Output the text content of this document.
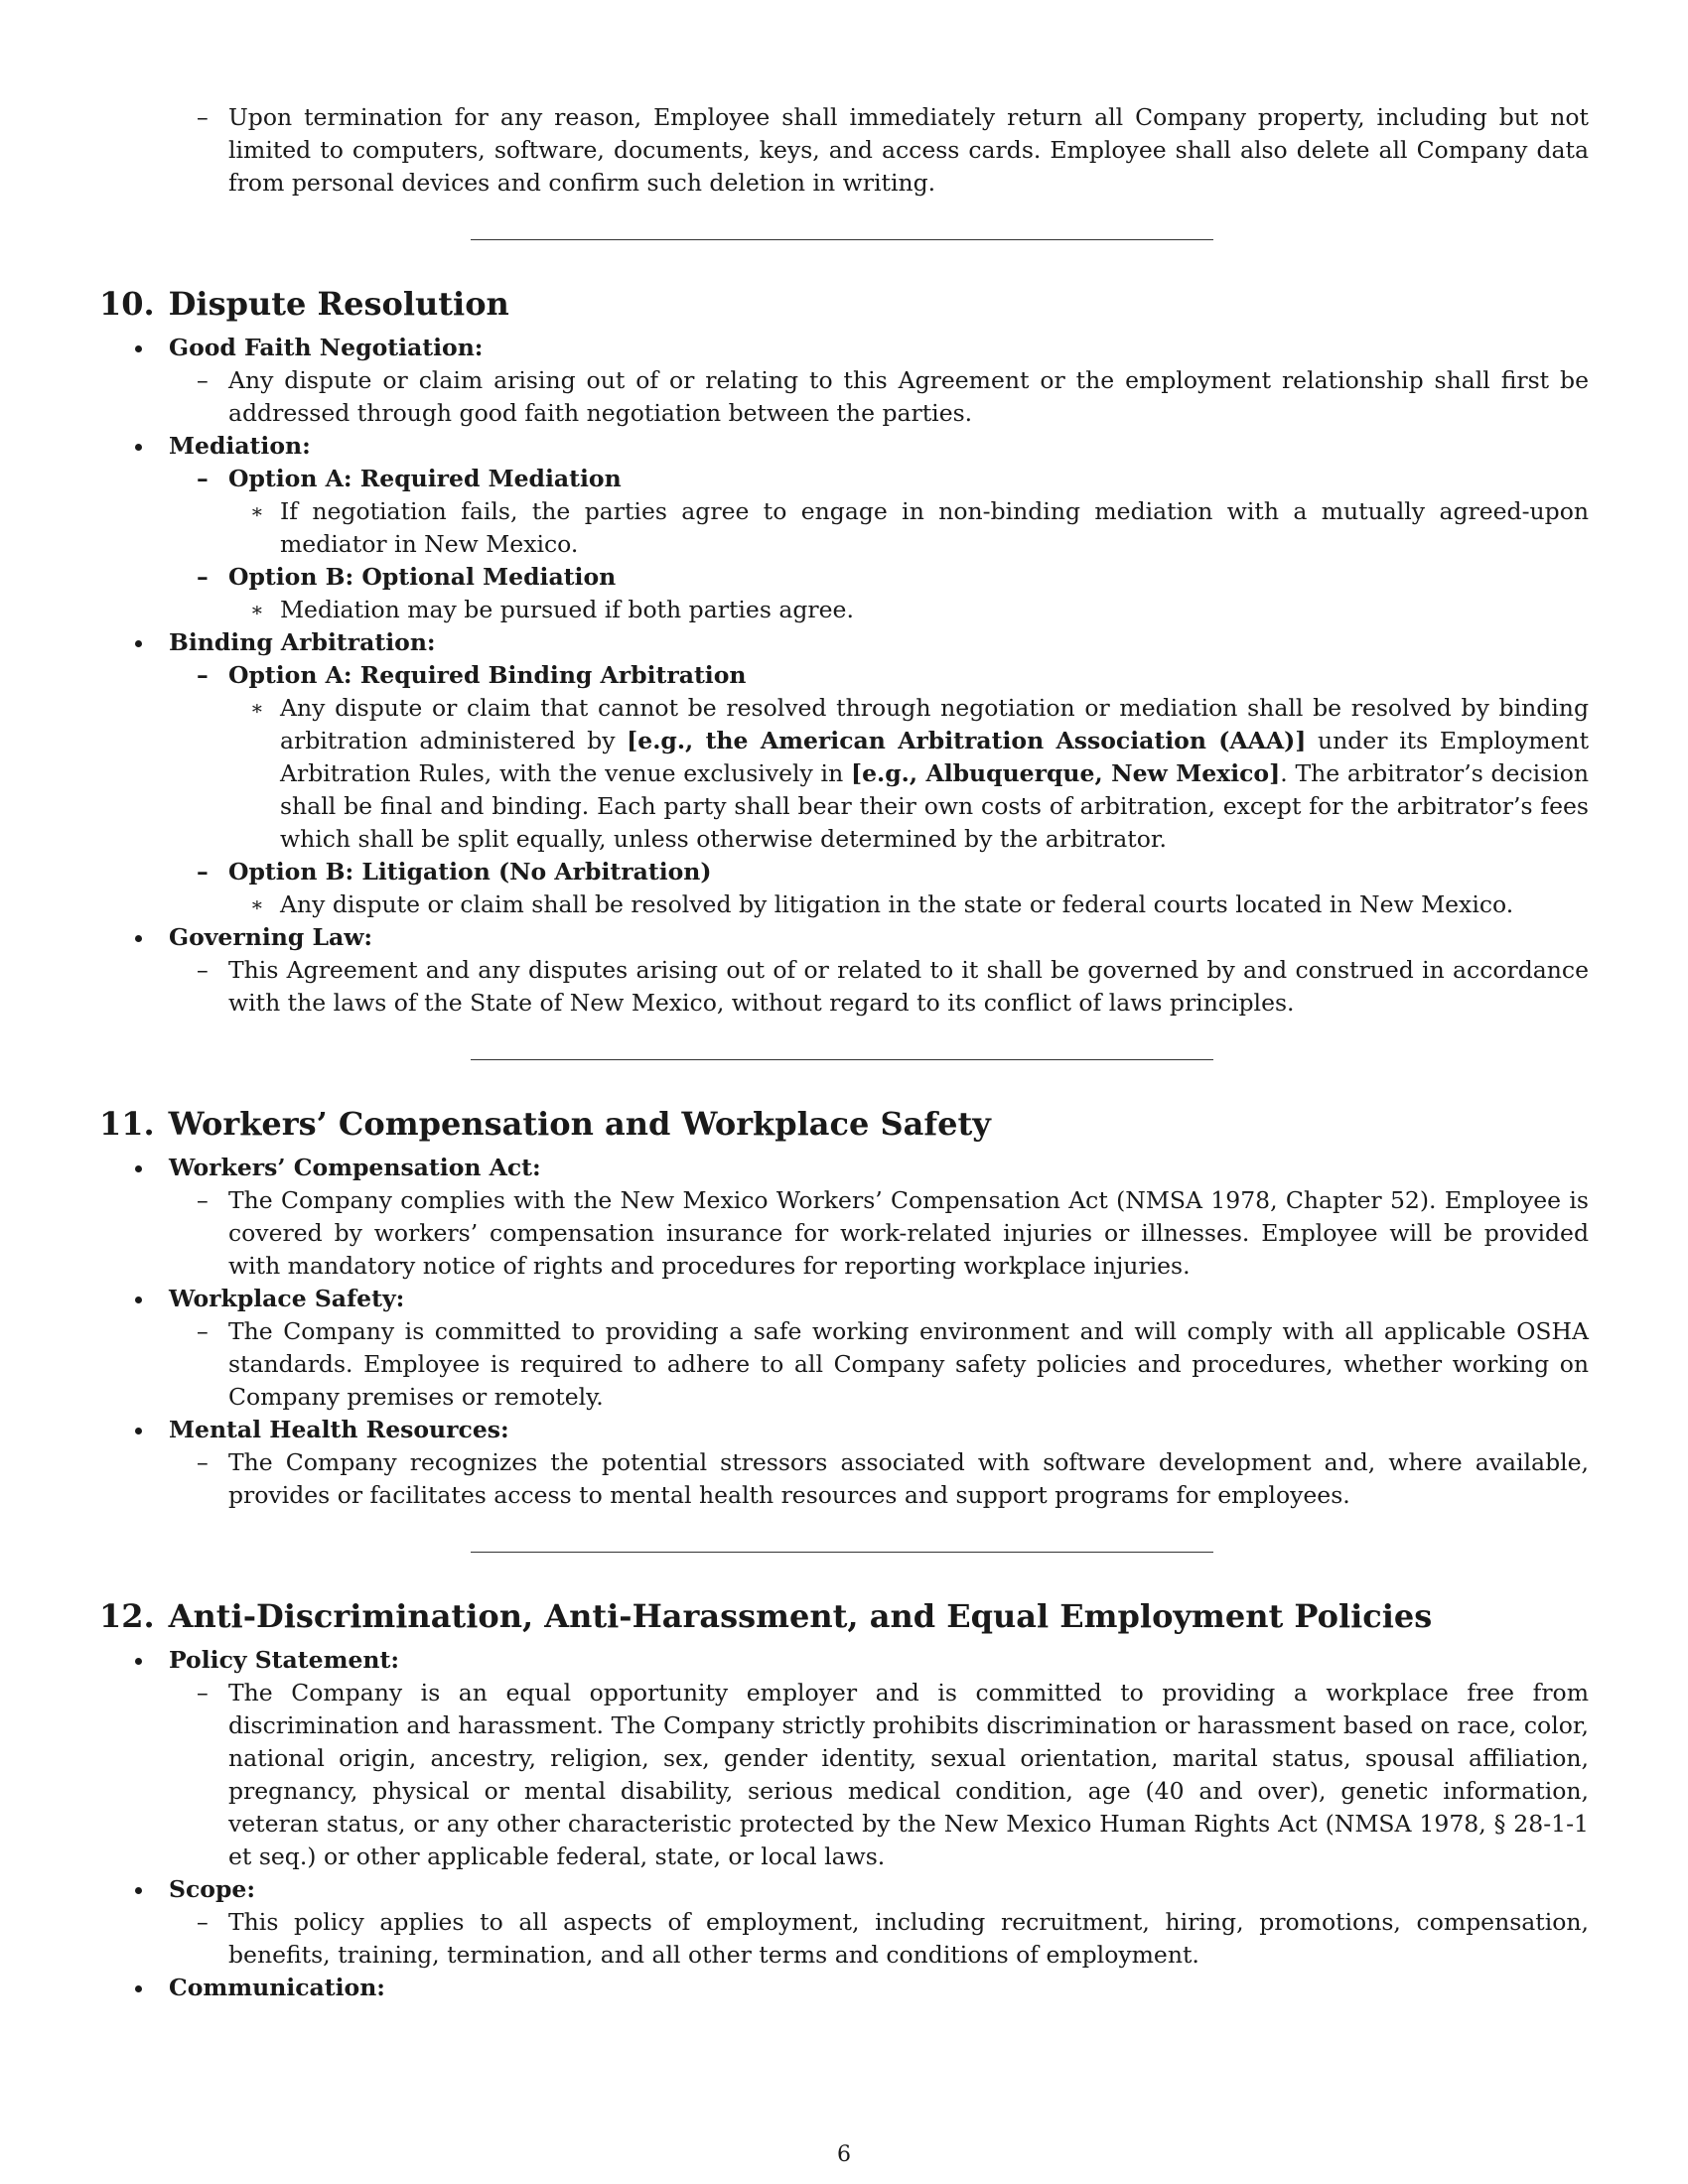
– Upon termination for any reason, Employee shall immediately return all Company property, including but not limited to computers, software, documents, keys, and access cards. Employee shall also delete all Company data from personal devices and confirm such deletion in writing.
10. Dispute Resolution
Good Faith Negotiation:
– Any dispute or claim arising out of or relating to this Agreement or the employment relationship shall first be addressed through good faith negotiation between the parties.
Mediation:
– Option A: Required Mediation
∗ If negotiation fails, the parties agree to engage in non-binding mediation with a mutually agreed-upon mediator in New Mexico.
– Option B: Optional Mediation
∗ Mediation may be pursued if both parties agree.
Binding Arbitration:
– Option A: Required Binding Arbitration
∗ Any dispute or claim that cannot be resolved through negotiation or mediation shall be resolved by binding arbitration administered by [e.g., the American Arbitration Association (AAA)] under its Employment Arbitration Rules, with the venue exclusively in [e.g., Albuquerque, New Mexico]. The arbitrator’s decision shall be final and binding. Each party shall bear their own costs of arbitration, except for the arbitrator’s fees which shall be split equally, unless otherwise determined by the arbitrator.
– Option B: Litigation (No Arbitration)
∗ Any dispute or claim shall be resolved by litigation in the state or federal courts located in New Mexico.
Governing Law:
– This Agreement and any disputes arising out of or related to it shall be governed by and construed in accordance with the laws of the State of New Mexico, without regard to its conflict of laws principles.
11. Workers’ Compensation and Workplace Safety
Workers’ Compensation Act:
– The Company complies with the New Mexico Workers’ Compensation Act (NMSA 1978, Chapter 52). Employee is covered by workers’ compensation insurance for work-related injuries or illnesses. Employee will be provided with mandatory notice of rights and procedures for reporting workplace injuries.
Workplace Safety:
– The Company is committed to providing a safe working environment and will comply with all applicable OSHA standards. Employee is required to adhere to all Company safety policies and procedures, whether working on Company premises or remotely.
Mental Health Resources:
– The Company recognizes the potential stressors associated with software development and, where available, provides or facilitates access to mental health resources and support programs for employees.
12. Anti-Discrimination, Anti-Harassment, and Equal Employment Policies
Policy Statement:
– The Company is an equal opportunity employer and is committed to providing a workplace free from discrimination and harassment. The Company strictly prohibits discrimination or harassment based on race, color, national origin, ancestry, religion, sex, gender identity, sexual orientation, marital status, spousal affiliation, pregnancy, physical or mental disability, serious medical condition, age (40 and over), genetic information, veteran status, or any other characteristic protected by the New Mexico Human Rights Act (NMSA 1978, § 28-1-1 et seq.) or other applicable federal, state, or local laws.
Scope:
– This policy applies to all aspects of employment, including recruitment, hiring, promotions, compensation, benefits, training, termination, and all other terms and conditions of employment.
Communication:
6
